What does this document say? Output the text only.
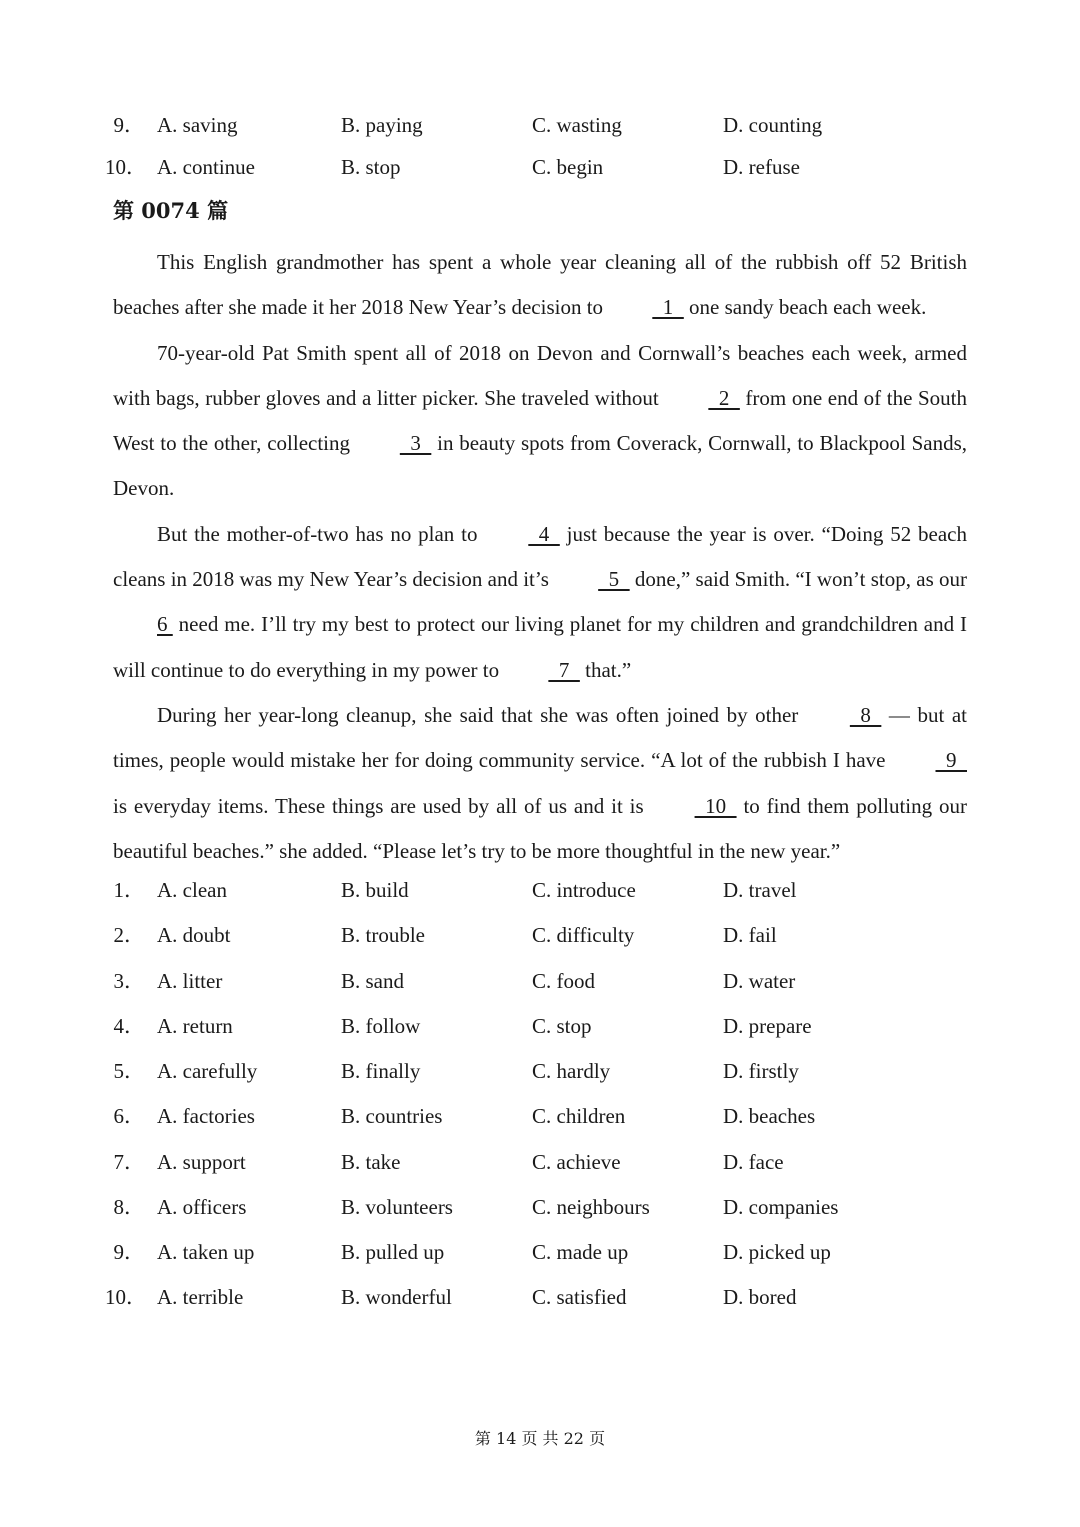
9． A. saving	B. paying	C. wasting	D. counting
10． A. continue	B. stop	C. begin	D. refuse
第 0074 篇

This English grandmother has spent a whole year cleaning all of the rubbish off 52 British beaches after she made it her 2018 New Year’s decision to   1   one sandy beach each week.

70-year-old Pat Smith spent all of 2018 on Devon and Cornwall’s beaches each week, armed with bags, rubber gloves and a litter picker. She traveled without   2   from one end of the South West to the other, collecting   3   in beauty spots from Coverack, Cornwall, to Blackpool Sands, Devon.

But the mother-of-two has no plan to   4   just because the year is over. “Doing 52 beach cleans in 2018 was my New Year’s decision and it’s   5   done,” said Smith. “I won’t stop, as our 6  need me. I’ll try my best to protect our living planet for my children and grandchildren and I will continue to do everything in my power to   7   that.”

During her year-long cleanup, she said that she was often joined by other   8   — but at times, people would mistake her for doing community service. “A lot of the rubbish I have   9   is everyday items. These things are used by all of us and it is   10   to find them polluting our beautiful beaches.” she added. “Please let’s try to be more thoughtful in the new year.”

1． A. clean	B. build	C. introduce	D. travel
2． A. doubt	B. trouble	C. difficulty	D. fail
3． A. litter	B. sand	C. food	D. water
4． A. return	B. follow	C. stop	D. prepare
5． A. carefully	B. finally	C. hardly	D. firstly
6． A. factories	B. countries	C. children	D. beaches
7． A. support	B. take	C. achieve	D. face
8． A. officers	B. volunteers	C. neighbours	D. companies
9． A. taken up	B. pulled up	C. made up	D. picked up
10． A. terrible	B. wonderful	C. satisfied	D. bored
第 14 页 共 22 页
